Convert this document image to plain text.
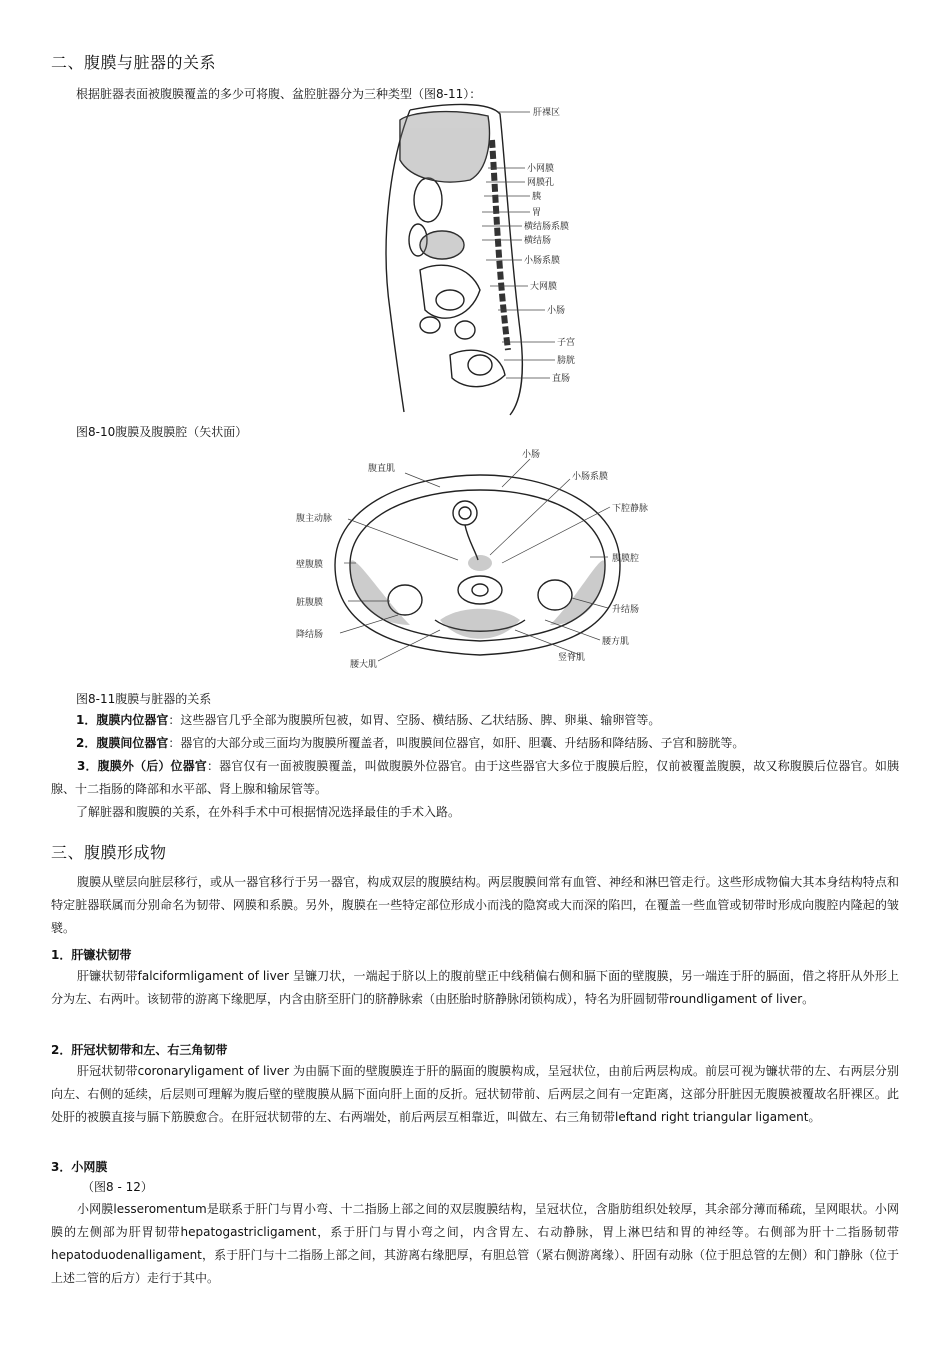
二、腹膜与脏器的关系
根据脏器表面被腹膜覆盖的多少可将腹、盆腔脏器分为三种类型（图8-11）：
肝裸区
小网膜
网膜孔
胰
胃
横结肠系膜
横结肠
小肠系膜
大网膜
小肠
子宫
膀胱
直肠
图8-10腹膜及腹膜腔（矢状面）
小肠
腹直肌
小肠系膜
下腔静脉
腹主动脉
腹膜腔
壁腹膜
脏腹膜
升结肠
降结肠
腰方肌
腰大肌
竖脊肌
图8-11腹膜与脏器的关系
1．腹膜内位器官：这些器官几乎全部为腹膜所包被，如胃、空肠、横结肠、乙状结肠、脾、卵巢、输卵管等。
2．腹膜间位器官：器官的大部分或三面均为腹膜所覆盖者，叫腹膜间位器官，如肝、胆囊、升结肠和降结肠、子宫和膀胱等。
3．腹膜外（后）位器官：器官仅有一面被腹膜覆盖，叫做腹膜外位器官。由于这些器官大多位于腹膜后腔，仅前被覆盖腹膜，故又称腹膜后位器官。如胰腺、十二指肠的降部和水平部、肾上腺和输尿管等。
了解脏器和腹膜的关系，在外科手术中可根据情况选择最佳的手术入路。
三、腹膜形成物
腹膜从壁层向脏层移行，或从一器官移行于另一器官，构成双层的腹膜结构。两层腹膜间常有血管、神经和淋巴管走行。这些形成物偏大其本身结构特点和特定脏器联属而分别命名为韧带、网膜和系膜。另外，腹膜在一些特定部位形成小而浅的隐窝或大而深的陷凹，在覆盖一些血管或韧带时形成向腹腔内隆起的皱襞。
1．肝镰状韧带
肝镰状韧带falciformligament of liver 呈镰刀状，一端起于脐以上的腹前壁正中线稍偏右侧和膈下面的壁腹膜，另一端连于肝的膈面，借之将肝从外形上分为左、右两叶。该韧带的游离下缘肥厚，内含由脐至肝门的脐静脉索（由胚胎时脐静脉闭锁构成），特名为肝圆韧带roundligament of liver。
2．肝冠状韧带和左、右三角韧带
肝冠状韧带coronaryligament of liver 为由膈下面的壁腹膜连于肝的膈面的腹膜构成，呈冠状位，由前后两层构成。前层可视为镰状带的左、右两层分别向左、右侧的延续，后层则可理解为腹后壁的壁腹膜从膈下面向肝上面的反折。冠状韧带前、后两层之间有一定距离，这部分肝脏因无腹膜被覆故名肝裸区。此处肝的被膜直接与膈下筋膜愈合。在肝冠状韧带的左、右两端处，前后两层互相靠近，叫做左、右三角韧带leftand right triangular ligament。
3．小网膜
（图8 - 12）
小网膜lesseromentum是联系于肝门与胃小弯、十二指肠上部之间的双层腹膜结构，呈冠状位，含脂肪组织处较厚，其余部分薄而稀疏，呈网眼状。小网膜的左侧部为肝胃韧带hepatogastricligament，系于肝门与胃小弯之间，内含胃左、右动静脉，胃上淋巴结和胃的神经等。右侧部为肝十二指肠韧带hepatoduodenalligament，系于肝门与十二指肠上部之间，其游离右缘肥厚，有胆总管（紧右侧游离缘）、肝固有动脉（位于胆总管的左侧）和门静脉（位于上述二管的后方）走行于其中。
